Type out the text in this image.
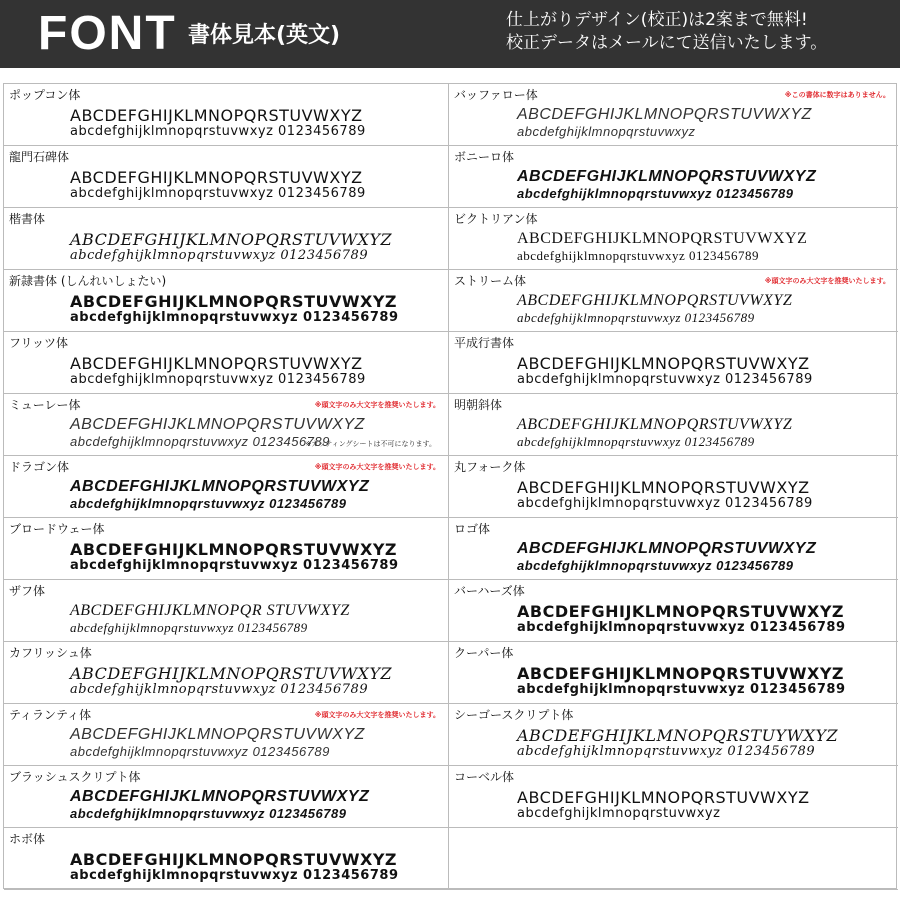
FONT 書体見本(英文)
仕上がりデザイン(校正)は2案まで無料!
校正データはメールにて送信いたします。
ポップコン体
ABCDEFGHIJKLMNOPQRSTUVWXYZ
abcdefghijklmnopqrstuvwxyz 0123456789
バッファロー体	※この書体に数字はありません。
ABCDEFGHIJKLMNOPQRSTUVWXYZ
abcdefghijklmnopqrstuvwxyz
龍門石碑体
ABCDEFGHIJKLMNOPQRSTUVWXYZ
abcdefghijklmnopqrstuvwxyz 0123456789
ボニーロ体
ABCDEFGHIJKLMNOPQRSTUVWXYZ
abcdefghijklmnopqrstuvwxyz 0123456789
楷書体
ABCDEFGHIJKLMNOPQRSTUVWXYZ
abcdefghijklmnopqrstuvwxyz 0123456789
ビクトリアン体
ABCDEFGHIJKLMNOPQRSTUVWXYZ
abcdefghijklmnopqrstuvwxyz 0123456789
新隷書体 (しんれいしょたい)
ABCDEFGHIJKLMNOPQRSTUVWXYZ
abcdefghijklmnopqrstuvwxyz 0123456789
ストリーム体	※頭文字のみ大文字を推奨いたします。
ABCDEFGHIJKLMNOPQRSTUVWXYZ
abcdefghijklmnopqrstuvwxyz 0123456789
フリッツ体
ABCDEFGHIJKLMNOPQRSTUVWXYZ
abcdefghijklmnopqrstuvwxyz 0123456789
平成行書体
ABCDEFGHIJKLMNOPQRSTUVWXYZ
abcdefghijklmnopqrstuvwxyz 0123456789
ミューレー体	※頭文字のみ大文字を推奨いたします。
※カッティングシートは不可になります。
ABCDEFGHIJKLMNOPQRSTUVWXYZ
abcdefghijklmnopqrstuvwxyz 0123456789
明朝斜体
ABCDEFGHIJKLMNOPQRSTUVWXYZ
abcdefghijklmnopqrstuvwxyz 0123456789
ドラゴン体	※頭文字のみ大文字を推奨いたします。
ABCDEFGHIJKLMNOPQRSTUVWXYZ
abcdefghijklmnopqrstuvwxyz 0123456789
丸フォーク体
ABCDEFGHIJKLMNOPQRSTUVWXYZ
abcdefghijklmnopqrstuvwxyz 0123456789
ブロードウェー体
ABCDEFGHIJKLMNOPQRSTUVWXYZ
abcdefghijklmnopqrstuvwxyz 0123456789
ロゴ体
ABCDEFGHIJKLMNOPQRSTUVWXYZ
abcdefghijklmnopqrstuvwxyz 0123456789
ザフ体
ABCDEFGHIJKLMNOPQR STUVWXYZ
abcdefghijklmnopqrstuvwxyz 0123456789
バーハーズ体
ABCDEFGHIJKLMNOPQRSTUVWXYZ
abcdefghijklmnopqrstuvwxyz 0123456789
カフリッシュ体
ABCDEFGHIJKLMNOPQRSTUVWXYZ
abcdefghijklmnopqrstuvwxyz 0123456789
クーパー体
ABCDEFGHIJKLMNOPQRSTUVWXYZ
abcdefghijklmnopqrstuvwxyz 0123456789
ティランティ体	※頭文字のみ大文字を推奨いたします。
ABCDEFGHIJKLMNOPQRSTUVWXYZ
abcdefghijklmnopqrstuvwxyz 0123456789
シーゴースクリプト体
ABCDEFGHIJKLMNOPQRSTUYWXYZ
abcdefghijklmnopqrstuvwxyz 0123456789
ブラッシュスクリプト体
ABCDEFGHIJKLMNOPQRSTUVWXYZ
abcdefghijklmnopqrstuvwxyz 0123456789
コーベル体
ABCDEFGHIJKLMNOPQRSTUVWXYZ
abcdefghijklmnopqrstuvwxyz
ホボ体
ABCDEFGHIJKLMNOPQRSTUVWXYZ
abcdefghijklmnopqrstuvwxyz 0123456789
